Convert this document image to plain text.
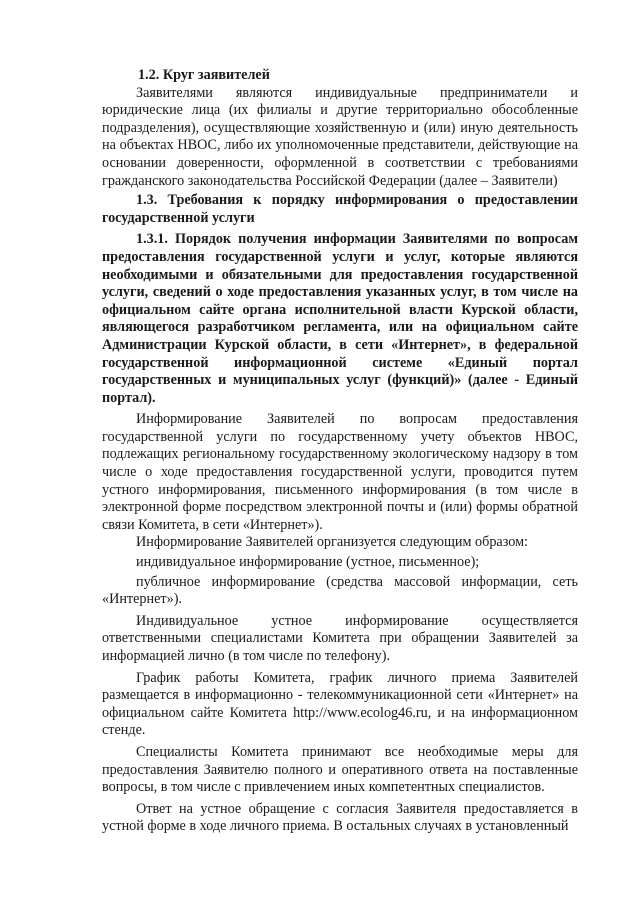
1.2. Круг заявителей

Заявителями являются индивидуальные предприниматели и юридические лица (их филиалы и другие территориально обособленные подразделения), осуществляющие хозяйственную и (или) иную деятельность на объектах НВОС, либо их уполномоченные представители, действующие на основании доверенности, оформленной в соответствии с требованиями гражданского законодательства Российской Федерации (далее – Заявители)

1.3. Требования к порядку информирования о предоставлении государственной услуги

1.3.1. Порядок получения информации Заявителями по вопросам предоставления государственной услуги и услуг, которые являются необходимыми и обязательными для предоставления государственной услуги, сведений о ходе предоставления указанных услуг, в том числе на официальном сайте органа исполнительной власти Курской области, являющегося разработчиком регламента, или на официальном сайте Администрации Курской области, в сети «Интернет», в федеральной государственной информационной системе «Единый портал государственных и муниципальных услуг (функций)» (далее - Единый портал).

Информирование Заявителей по вопросам предоставления государственной услуги по государственному учету объектов НВОС, подлежащих региональному государственному экологическому надзору в том числе о ходе предоставления государственной услуги, проводится путем устного информирования, письменного информирования (в том числе в электронной форме посредством электронной почты и (или) формы обратной связи Комитета, в сети «Интернет»).

Информирование Заявителей организуется следующим образом:

индивидуальное информирование (устное, письменное);

публичное информирование (средства массовой информации, сеть «Интернет»).

Индивидуальное устное информирование осуществляется ответственными специалистами Комитета при обращении Заявителей за информацией лично (в том числе по телефону).

График работы Комитета, график личного приема Заявителей размещается в информационно - телекоммуникационной сети «Интернет» на официальном сайте Комитета http://www.ecolog46.ru, и на информационном стенде.

Специалисты Комитета принимают все необходимые меры для предоставления Заявителю полного и оперативного ответа на поставленные вопросы, в том числе с привлечением иных компетентных специалистов.

Ответ на устное обращение с согласия Заявителя предоставляется в устной форме в ходе личного приема. В остальных случаях в установленный
